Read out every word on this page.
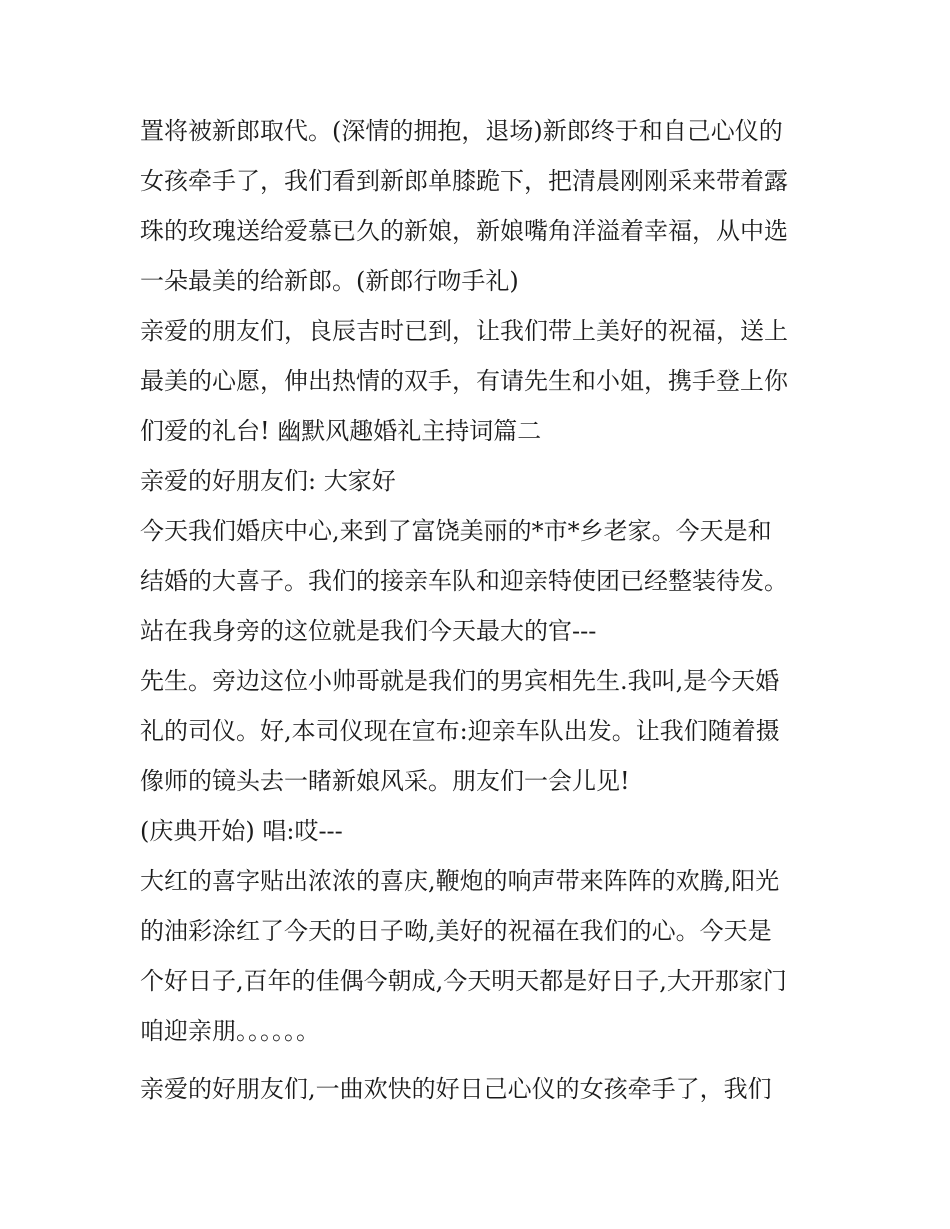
置将被新郎取代。(深情的拥抱，退场)新郎终于和自己心仪的
女孩牵手了，我们看到新郎单膝跪下，把清晨刚刚采来带着露
珠的玫瑰送给爱慕已久的新娘，新娘嘴角洋溢着幸福，从中选
一朵最美的给新郎。(新郎行吻手礼)
亲爱的朋友们，良辰吉时已到，让我们带上美好的祝福，送上
最美的心愿，伸出热情的双手，有请先生和小姐，携手登上你
们爱的礼台! 幽默风趣婚礼主持词篇二
亲爱的好朋友们: 大家好
今天我们婚庆中心,来到了富饶美丽的*市*乡老家。今天是和
结婚的大喜子。我们的接亲车队和迎亲特使团已经整装待发。
站在我身旁的这位就是我们今天最大的官---
先生。旁边这位小帅哥就是我们的男宾相先生.我叫,是今天婚
礼的司仪。好,本司仪现在宣布:迎亲车队出发。让我们随着摄
像师的镜头去一睹新娘风采。朋友们一会儿见!
(庆典开始) 唱:哎---
大红的喜字贴出浓浓的喜庆,鞭炮的响声带来阵阵的欢腾,阳光
的油彩涂红了今天的日子呦,美好的祝福在我们的心。今天是
个好日子,百年的佳偶今朝成,今天明天都是好日子,大开那家门
咱迎亲朋。。。。。。
亲爱的好朋友们,一曲欢快的好日己心仪的女孩牵手了，我们
